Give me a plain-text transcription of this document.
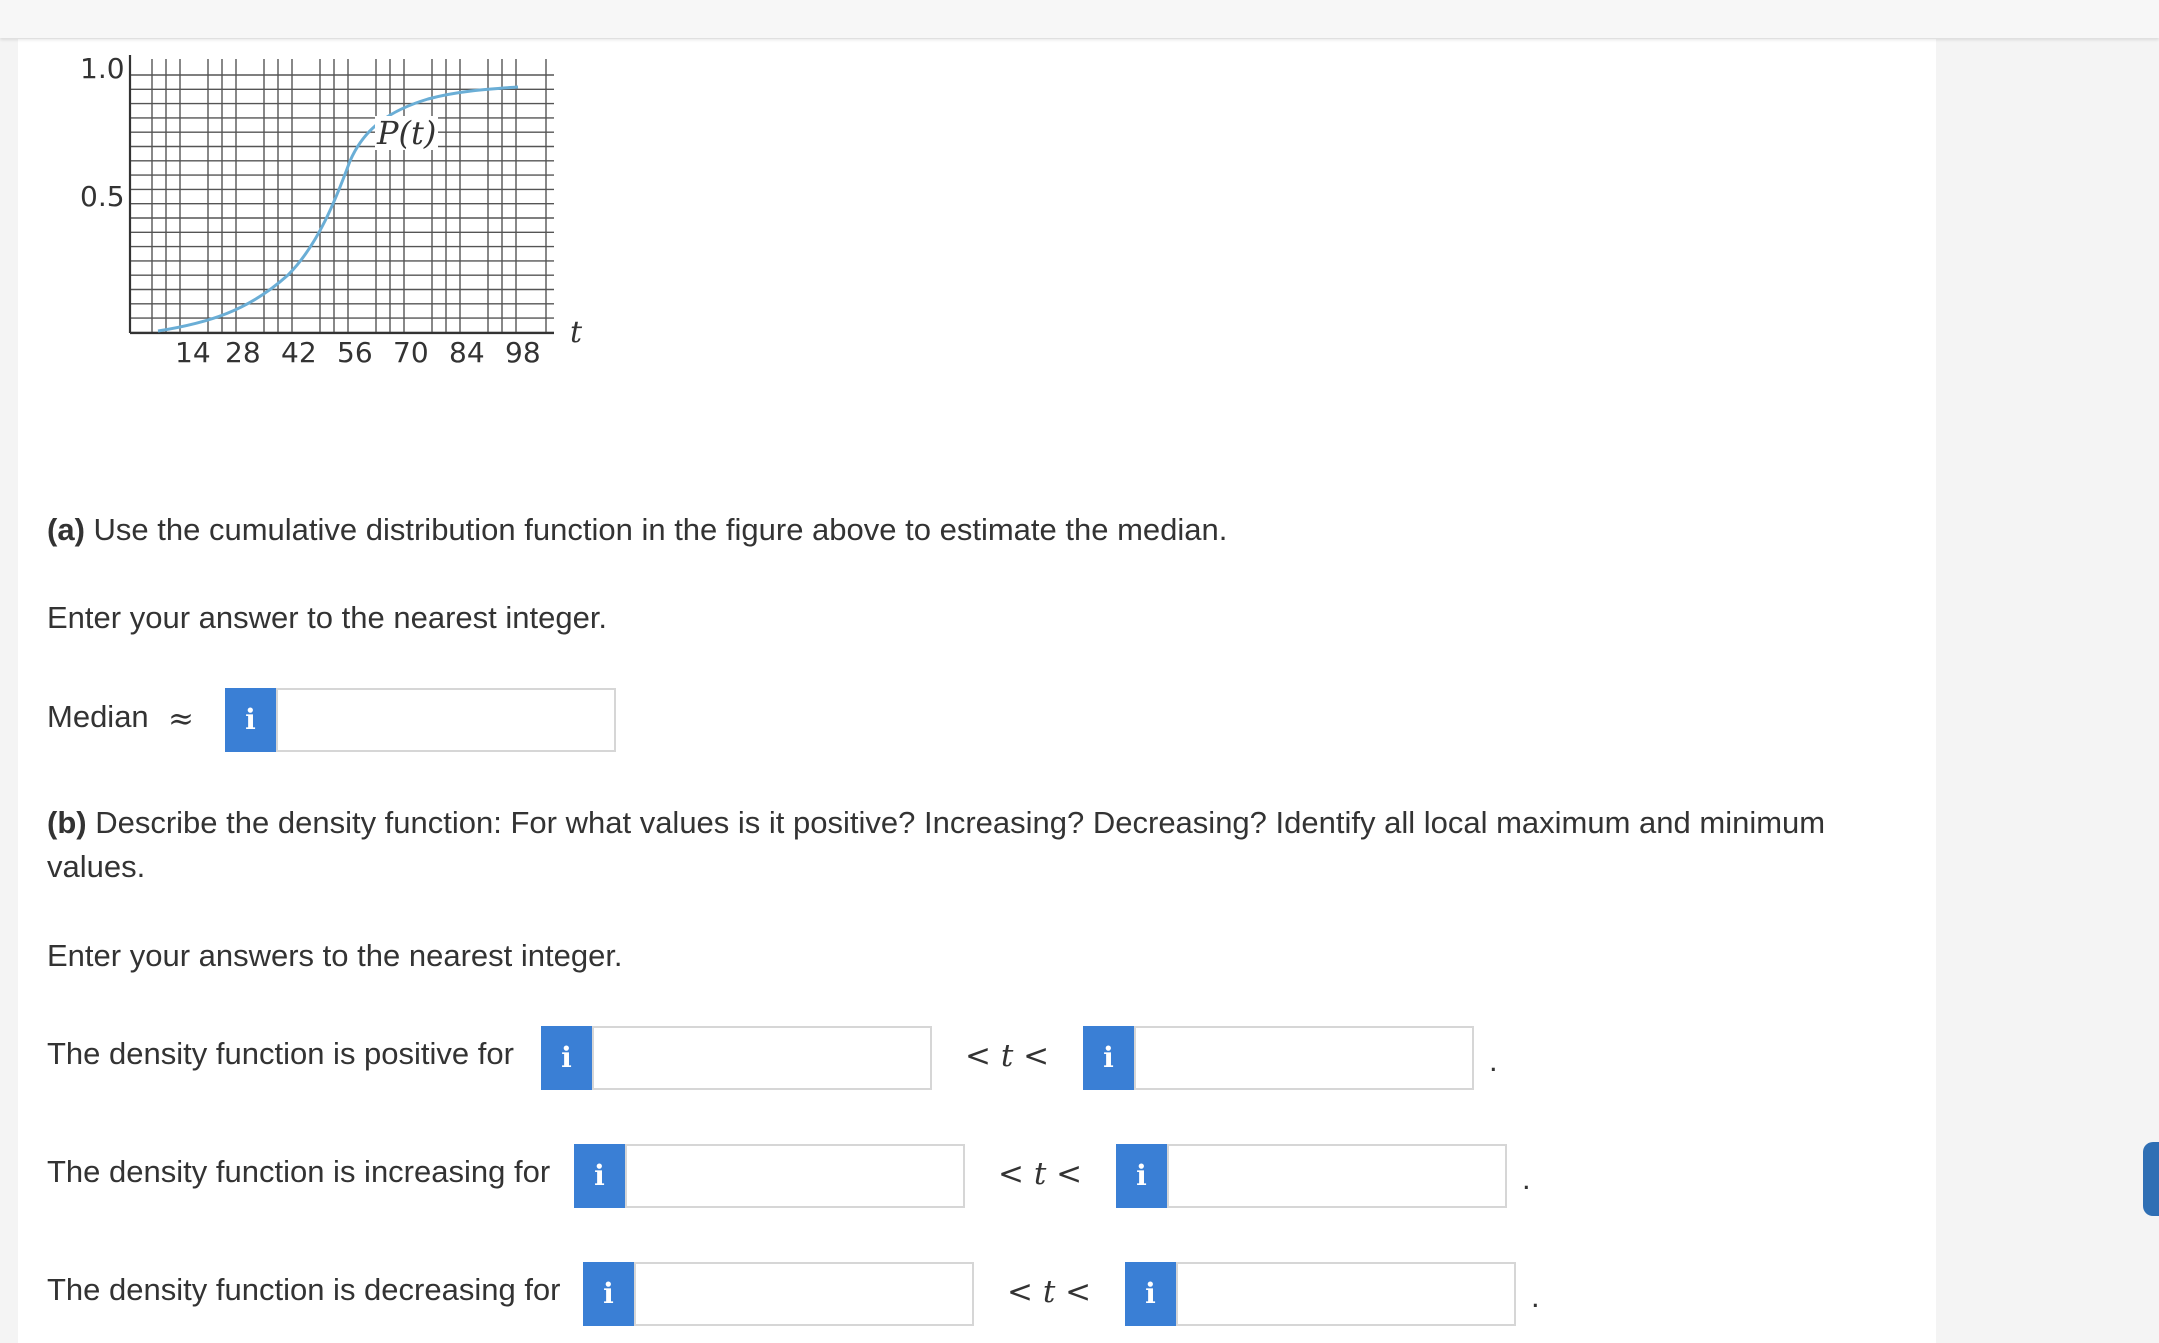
1.0
0.5
14 28 42 56 70 84 98
t
P(t)
(a) Use the cumulative distribution function in the figure above to estimate the median.
Enter your answer to the nearest integer.
Median ≈	i
(b) Describe the density function: For what values is it positive? Increasing? Decreasing? Identify all local maximum and minimum values.
Enter your answers to the nearest integer.
The density function is positive for	i	< t <	i	.
The density function is increasing for	i	< t <	i	.
The density function is decreasing for	i	< t <	i	.
